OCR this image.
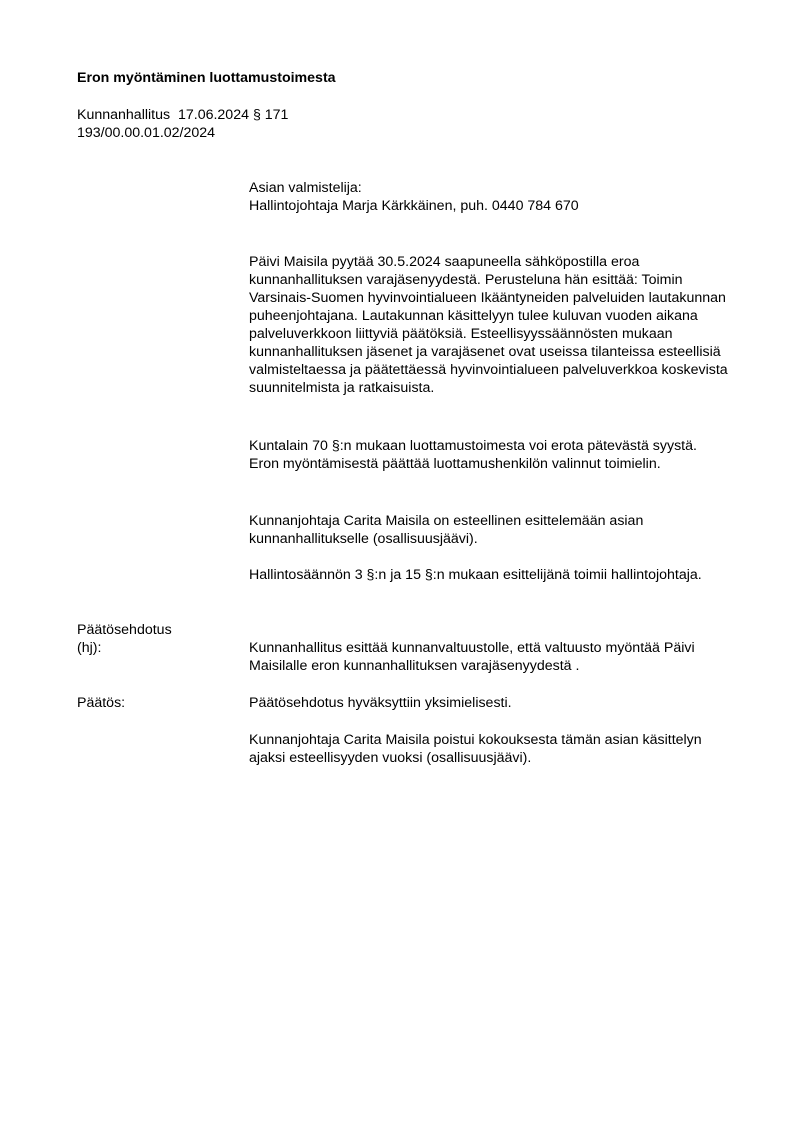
Eron myöntäminen luottamustoimesta
Kunnanhallitus 17.06.2024 § 171
193/00.00.01.02/2024
Asian valmistelija:
Hallintojohtaja Marja Kärkkäinen, puh. 0440 784 670

Päivi Maisila pyytää 30.5.2024 saapuneella sähköpostilla eroa kunnanhallituksen varajäsenyydestä. Perusteluna hän esittää: Toimin Varsinais-Suomen hyvinvointialueen Ikääntyneiden palveluiden lautakunnan puheenjohtajana. Lautakunnan käsittelyyn tulee kuluvan vuoden aikana palveluverkkoon liittyviä päätöksiä. Esteellisyyssäännösten mukaan kunnanhallituksen jäsenet ja varajäsenet ovat useissa tilanteissa esteellisiä valmisteltaessa ja päätettäessä hyvinvointialueen palveluverkkoa koskevista suunnitelmista ja ratkaisuista.

Kuntalain 70 §:n mukaan luottamustoimesta voi erota pätevästä syystä. Eron myöntämisestä päättää luottamushenkilön valinnut toimielin.

Kunnanjohtaja Carita Maisila on esteellinen esittelemään asian kunnanhallitukselle (osallisuusjäävi).

Hallintosäännön 3 §:n ja 15 §:n mukaan esittelijänä toimii hallintojohtaja.

Päätösehdotus
(hj):	Kunnanhallitus esittää kunnanvaltuustolle, että valtuusto myöntää Päivi Maisilalle eron kunnanhallituksen varajäsenyydestä .

Päätös:	Päätösehdotus hyväksyttiin yksimielisesti.

Kunnanjohtaja Carita Maisila poistui kokouksesta tämän asian käsittelyn ajaksi esteellisyyden vuoksi (osallisuusjäävi).
